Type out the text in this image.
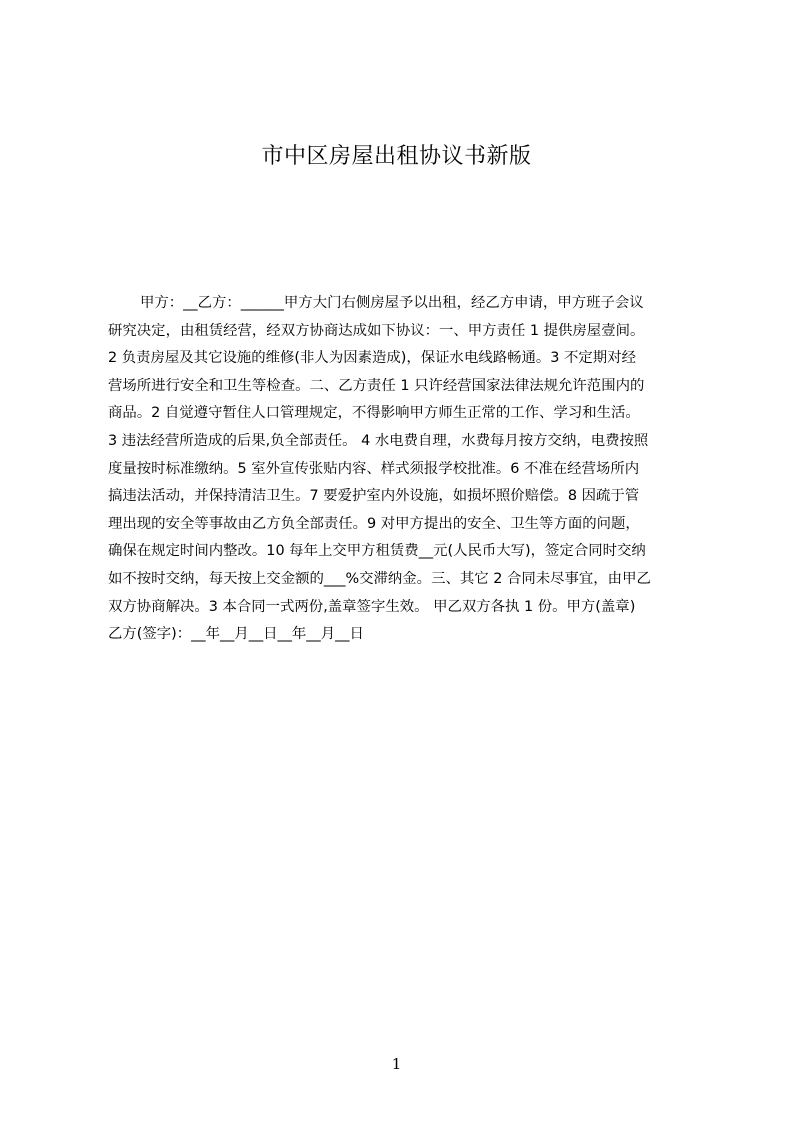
市中区房屋出租协议书新版
甲方：__乙方：______甲方大门右侧房屋予以出租，经乙方申请，甲方班子会议
研究决定，由租赁经营，经双方协商达成如下协议：一、甲方责任 1 提供房屋壹间。
2 负责房屋及其它设施的维修(非人为因素造成)，保证水电线路畅通。3 不定期对经
营场所进行安全和卫生等检查。二、乙方责任 1 只许经营国家法律法规允许范围内的
商品。2 自觉遵守暂住人口管理规定，不得影响甲方师生正常的工作、学习和生活。
3 违法经营所造成的后果,负全部责任。 4 水电费自理，水费每月按方交纳，电费按照
度量按时标准缴纳。5 室外宣传张贴内容、样式须报学校批准。6 不准在经营场所内
搞违法活动，并保持清洁卫生。7 要爱护室内外设施，如损坏照价赔偿。8 因疏于管
理出现的安全等事故由乙方负全部责任。9 对甲方提出的安全、卫生等方面的问题，
确保在规定时间内整改。10 每年上交甲方租赁费__元(人民币大写)，签定合同时交纳
如不按时交纳，每天按上交金额的___%交滞纳金。三、其它 2 合同未尽事宜，由甲乙
双方协商解决。3 本合同一式两份,盖章签字生效。 甲乙双方各执 1 份。甲方(盖章)
乙方(签字)：__年__月__日__年__月__日
1
